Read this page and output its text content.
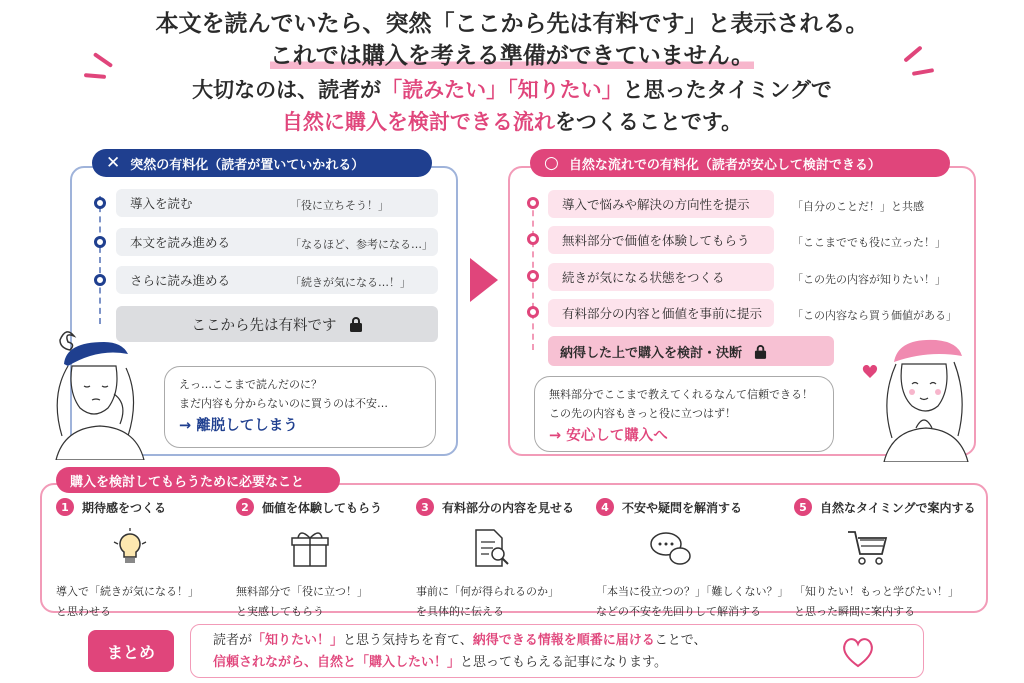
本文を読んでいたら、突然「ここから先は有料です」と表示される。
これでは購入を考える準備ができていません。
大切なのは、読者が「読みたい」「知りたい」と思ったタイミングで
自然に購入を検討できる流れをつくることです。
✕ 突然の有料化（読者が置いていかれる）
導入を読む	「役に立ちそう！」
本文を読み進める	「なるほど、参考になる…」
さらに読み進める	「続きが気になる…！」
ここから先は有料です
えっ…ここまで読んだのに？
まだ内容も分からないのに買うのは不安…
→ 離脱してしまう
○ 自然な流れでの有料化（読者が安心して検討できる）
導入で悩みや解決の方向性を提示	「自分のことだ！」と共感
無料部分で価値を体験してもらう	「ここまででも役に立った！」
続きが気になる状態をつくる	「この先の内容が知りたい！」
有料部分の内容と価値を事前に提示	「この内容なら買う価値がある」
納得した上で購入を検討・決断
無料部分でここまで教えてくれるなんて信頼できる！
この先の内容もきっと役に立つはず！
→ 安心して購入へ
購入を検討してもらうために必要なこと
1	期待感をつくる
導入で「続きが気になる！」
と思わせる
2	価値を体験してもらう
無料部分で「役に立つ！」
と実感してもらう
3	有料部分の内容を見せる
事前に「何が得られるのか」
を具体的に伝える
4	不安や疑問を解消する
「本当に役立つの？」「難しくない？」
などの不安を先回りして解消する
5	自然なタイミングで案内する
「知りたい！もっと学びたい！」
と思った瞬間に案内する
まとめ
読者が「知りたい！」と思う気持ちを育て、納得できる情報を順番に届けることで、
信頼されながら、自然と「購入したい！」と思ってもらえる記事になります。
